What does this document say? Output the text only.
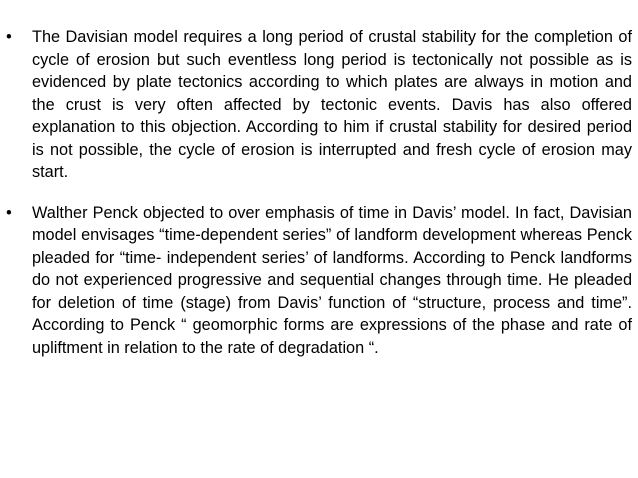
• The Davisian model requires a long period of crustal stability for the completion of cycle of erosion but such eventless long period is tectonically not possible as is evidenced by plate tectonics according to which plates are always in motion and the crust is very often affected by tectonic events. Davis has also offered explanation to this objection. According to him if crustal stability for desired period is not possible, the cycle of erosion is interrupted and fresh cycle of erosion may start.
• Walther Penck objected to over emphasis of time in Davis’ model. In fact, Davisian model envisages “time-dependent series” of landform development whereas Penck pleaded for “time- independent series’ of landforms. According to Penck landforms do not experienced progressive and sequential changes through time. He pleaded for deletion of time (stage) from Davis’ function of “structure, process and time”. According to Penck “ geomorphic forms are expressions of the phase and rate of upliftment in relation to the rate of degradation “.
